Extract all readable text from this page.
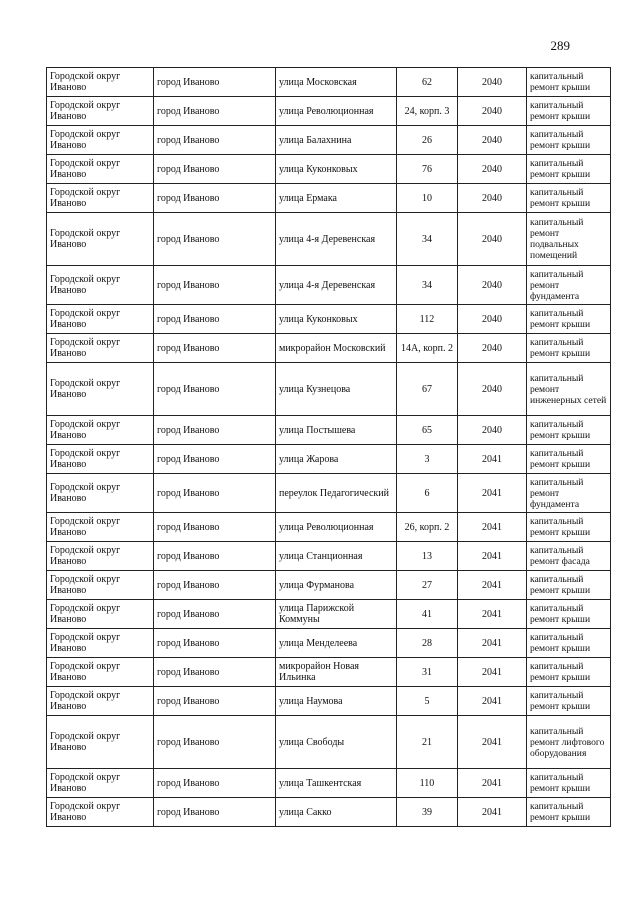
289
Городской округ Иваново	город Иваново	улица Московская	62	2040	капитальный ремонт крыши
Городской округ Иваново	город Иваново	улица Революционная	24, корп. 3	2040	капитальный ремонт крыши
Городской округ Иваново	город Иваново	улица Балахнина	26	2040	капитальный ремонт крыши
Городской округ Иваново	город Иваново	улица Куконковых	76	2040	капитальный ремонт крыши
Городской округ Иваново	город Иваново	улица Ермака	10	2040	капитальный ремонт крыши
Городской округ Иваново	город Иваново	улица 4-я Деревенская	34	2040	капитальный ремонт подвальных помещений
Городской округ Иваново	город Иваново	улица 4-я Деревенская	34	2040	капитальный ремонт фундамента
Городской округ Иваново	город Иваново	улица Куконковых	112	2040	капитальный ремонт крыши
Городской округ Иваново	город Иваново	микрорайон Московский	14А, корп. 2	2040	капитальный ремонт крыши
Городской округ Иваново	город Иваново	улица Кузнецова	67	2040	капитальный ремонт инженерных сетей
Городской округ Иваново	город Иваново	улица Постышева	65	2040	капитальный ремонт крыши
Городской округ Иваново	город Иваново	улица Жарова	3	2041	капитальный ремонт крыши
Городской округ Иваново	город Иваново	переулок Педагогический	6	2041	капитальный ремонт фундамента
Городской округ Иваново	город Иваново	улица Революционная	26, корп. 2	2041	капитальный ремонт крыши
Городской округ Иваново	город Иваново	улица Станционная	13	2041	капитальный ремонт фасада
Городской округ Иваново	город Иваново	улица Фурманова	27	2041	капитальный ремонт крыши
Городской округ Иваново	город Иваново	улица Парижской Коммуны	41	2041	капитальный ремонт крыши
Городской округ Иваново	город Иваново	улица Менделеева	28	2041	капитальный ремонт крыши
Городской округ Иваново	город Иваново	микрорайон Новая Ильинка	31	2041	капитальный ремонт крыши
Городской округ Иваново	город Иваново	улица Наумова	5	2041	капитальный ремонт крыши
Городской округ Иваново	город Иваново	улица Свободы	21	2041	капитальный ремонт лифтового оборудования
Городской округ Иваново	город Иваново	улица Ташкентская	110	2041	капитальный ремонт крыши
Городской округ Иваново	город Иваново	улица Сакко	39	2041	капитальный ремонт крыши
